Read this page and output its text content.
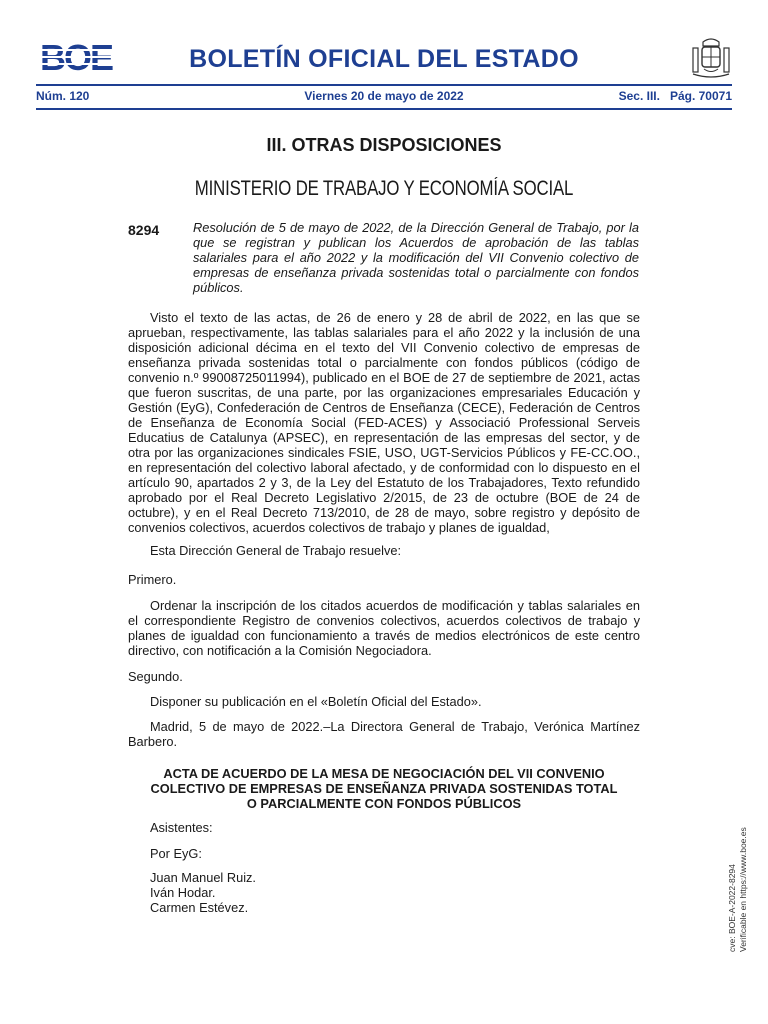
BOE	BOLETÍN OFICIAL DEL ESTADO
Núm. 120	Viernes 20 de mayo de 2022	Sec. III.   Pág. 70071
III. OTRAS DISPOSICIONES
MINISTERIO DE TRABAJO Y ECONOMÍA SOCIAL
8294	Resolución de 5 de mayo de 2022, de la Dirección General de Trabajo, por la que se registran y publican los Acuerdos de aprobación de las tablas salariales para el año 2022 y la modificación del VII Convenio colectivo de empresas de enseñanza privada sostenidas total o parcialmente con fondos públicos.
Visto el texto de las actas, de 26 de enero y 28 de abril de 2022, en las que se aprueban, respectivamente, las tablas salariales para el año 2022 y la inclusión de una disposición adicional décima en el texto del VII Convenio colectivo de empresas de enseñanza privada sostenidas total o parcialmente con fondos públicos (código de convenio n.º 99008725011994), publicado en el BOE de 27 de septiembre de 2021, actas que fueron suscritas, de una parte, por las organizaciones empresariales Educación y Gestión (EyG), Confederación de Centros de Enseñanza (CECE), Federación de Centros de Enseñanza de Economía Social (FED-ACES) y Associació Professional Serveis Educatius de Catalunya (APSEC), en representación de las empresas del sector, y de otra por las organizaciones sindicales FSIE, USO, UGT-Servicios Públicos y FE-CC.OO., en representación del colectivo laboral afectado, y de conformidad con lo dispuesto en el artículo 90, apartados 2 y 3, de la Ley del Estatuto de los Trabajadores, Texto refundido aprobado por el Real Decreto Legislativo 2/2015, de 23 de octubre (BOE de 24 de octubre), y en el Real Decreto 713/2010, de 28 de mayo, sobre registro y depósito de convenios colectivos, acuerdos colectivos de trabajo y planes de igualdad,
Esta Dirección General de Trabajo resuelve:
Primero.
Ordenar la inscripción de los citados acuerdos de modificación y tablas salariales en el correspondiente Registro de convenios colectivos, acuerdos colectivos de trabajo y planes de igualdad con funcionamiento a través de medios electrónicos de este centro directivo, con notificación a la Comisión Negociadora.
Segundo.
Disponer su publicación en el «Boletín Oficial del Estado».
Madrid, 5 de mayo de 2022.–La Directora General de Trabajo, Verónica Martínez Barbero.
ACTA DE ACUERDO DE LA MESA DE NEGOCIACIÓN DEL VII CONVENIO
COLECTIVO DE EMPRESAS DE ENSEÑANZA PRIVADA SOSTENIDAS TOTAL
O PARCIALMENTE CON FONDOS PÚBLICOS
Asistentes:
Por EyG:
Juan Manuel Ruiz.
Iván Hodar.
Carmen Estévez.	cve: BOE-A-2022-8294 Verificable en https://www.boe.es
